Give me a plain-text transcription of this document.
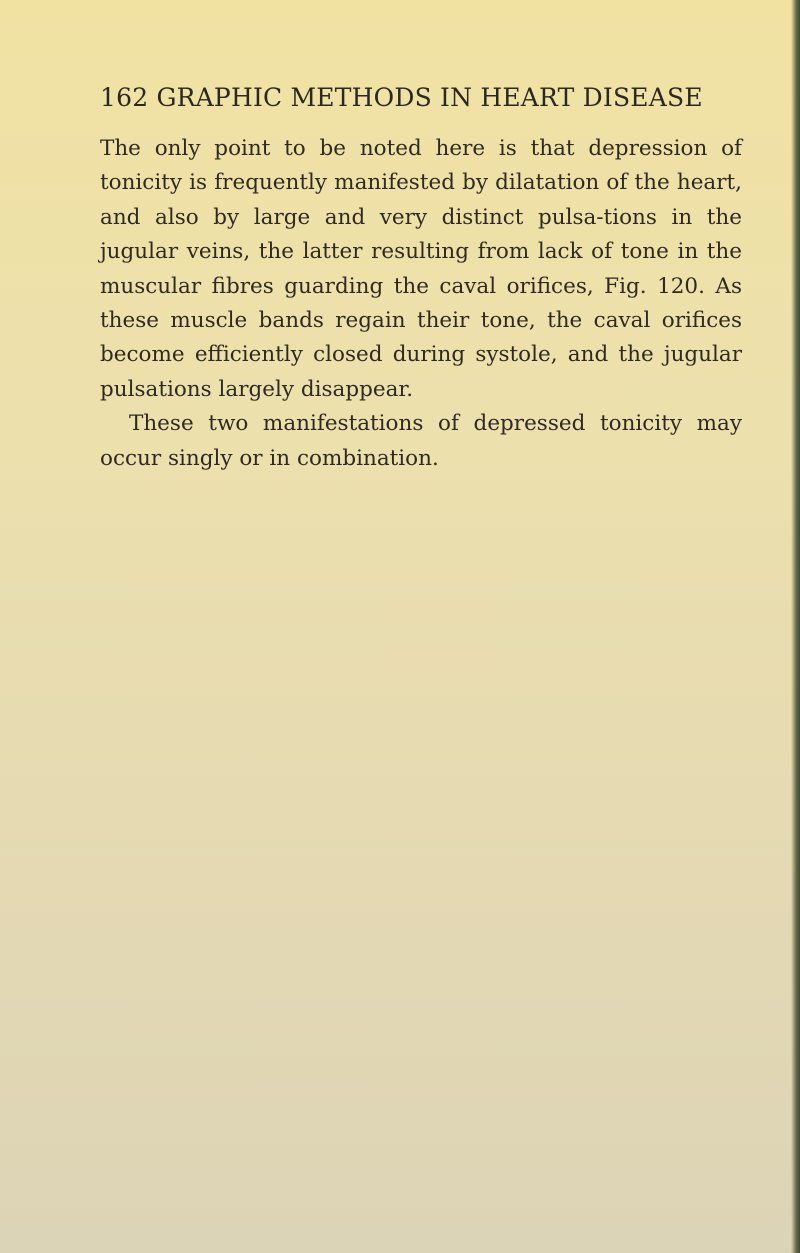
162 GRAPHIC METHODS IN HEART DISEASE

The only point to be noted here is that depression of tonicity is frequently manifested by dilatation of the heart, and also by large and very distinct pulsa-tions in the jugular veins, the latter resulting from lack of tone in the muscular fibres guarding the caval orifices, Fig. 120. As these muscle bands regain their tone, the caval orifices become efficiently closed during systole, and the jugular pulsations largely disappear.

These two manifestations of depressed tonicity may occur singly or in combination.
